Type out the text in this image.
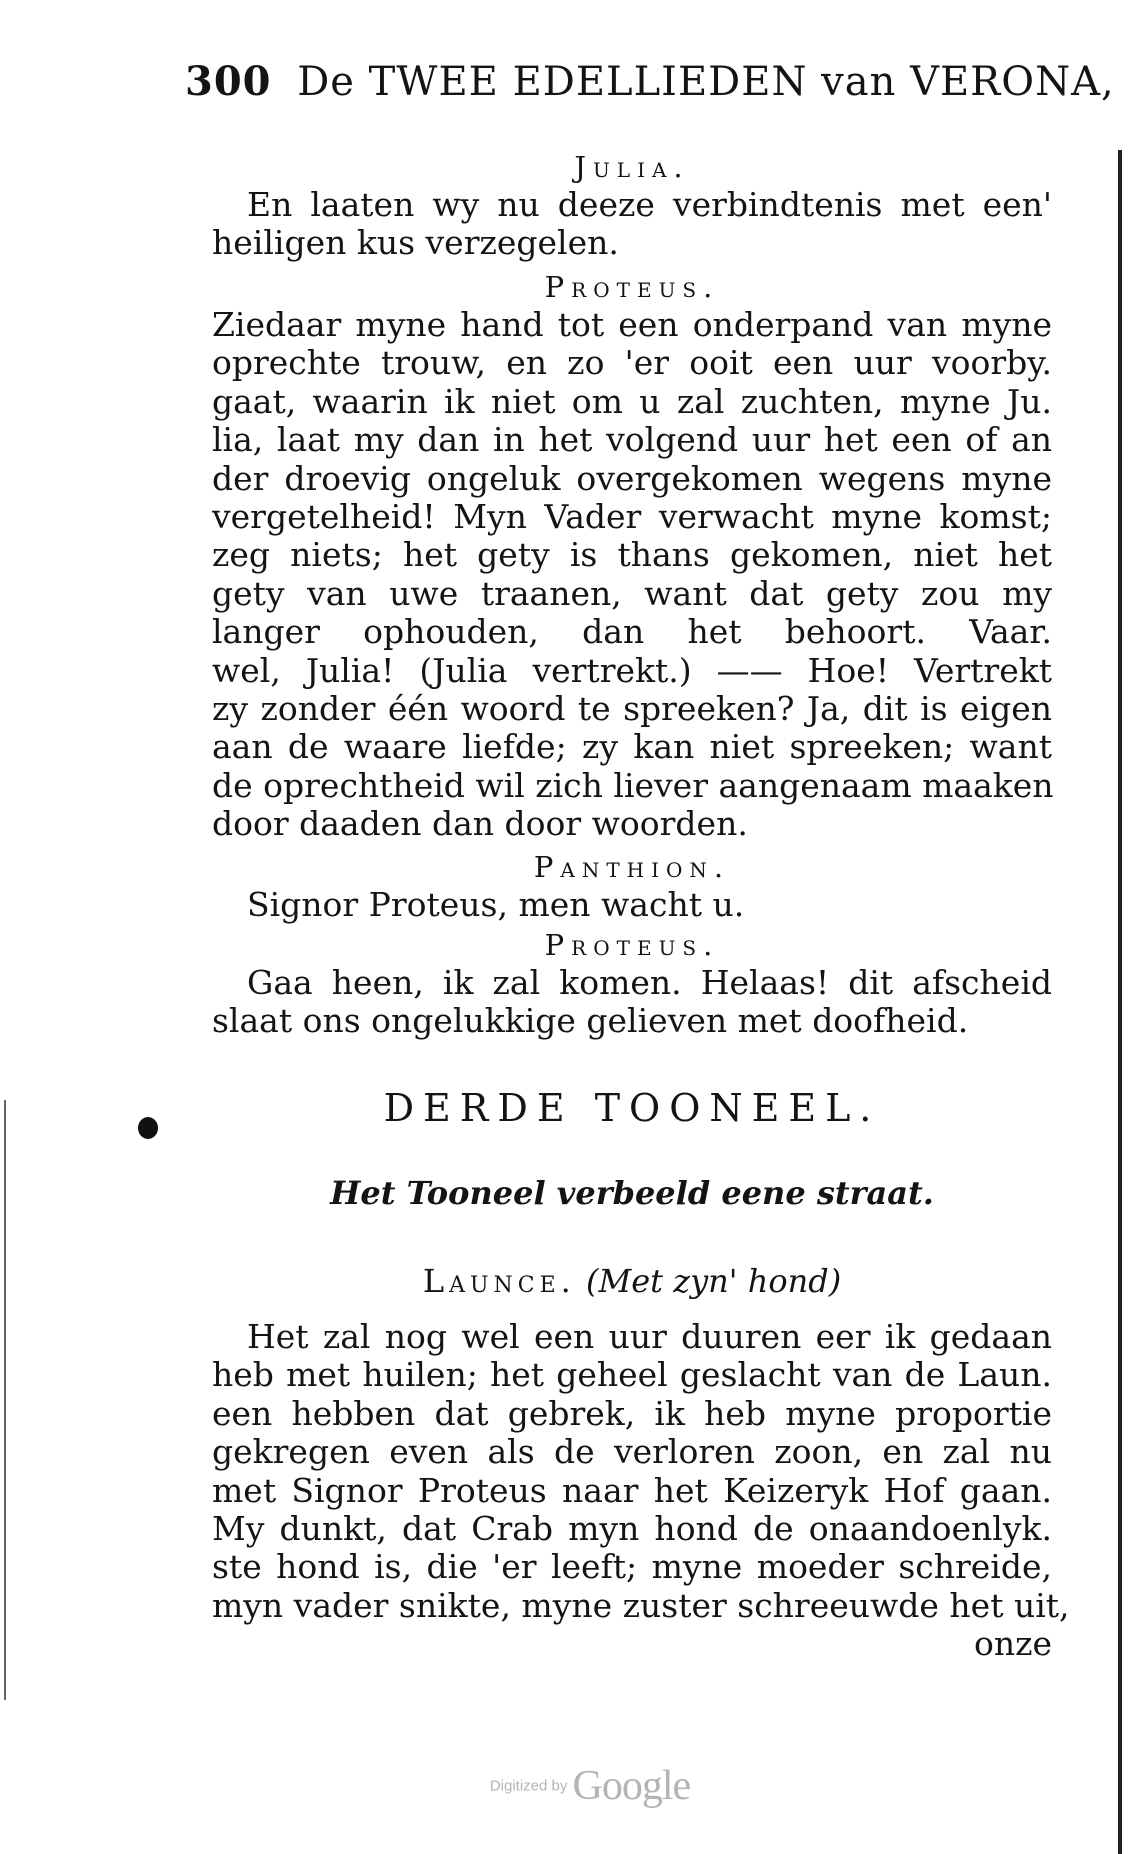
300 De TWEE EDELLIEDEN van VERONA,
Julia.
En laaten wy nu deeze verbindtenis met een'
heiligen kus verzegelen.
Proteus.
Ziedaar myne hand tot een onderpand van myne
oprechte trouw, en zo 'er ooit een uur voorby.
gaat, waarin ik niet om u zal zuchten, myne Ju.
lia, laat my dan in het volgend uur het een of an
der droevig ongeluk overgekomen wegens myne
vergetelheid! Myn Vader verwacht myne komst;
zeg niets; het gety is thans gekomen, niet het
gety van uwe traanen, want dat gety zou my
langer ophouden, dan het behoort. Vaar.
wel, Julia! (Julia vertrekt.) —— Hoe! Vertrekt
zy zonder één woord te spreeken? Ja, dit is eigen
aan de waare liefde; zy kan niet spreeken; want
de oprechtheid wil zich liever aangenaam maaken
door daaden dan door woorden.
Panthion.
Signor Proteus, men wacht u.
Proteus.
Gaa heen, ik zal komen. Helaas! dit afscheid
slaat ons ongelukkige gelieven met doofheid.
DERDE TOONEEL.
Het Tooneel verbeeld eene straat.
Launce. (Met zyn' hond)
Het zal nog wel een uur duuren eer ik gedaan
heb met huilen; het geheel geslacht van de Laun.
een hebben dat gebrek, ik heb myne proportie
gekregen even als de verloren zoon, en zal nu
met Signor Proteus naar het Keizeryk Hof gaan.
My dunkt, dat Crab myn hond de onaandoenlyk.
ste hond is, die 'er leeft; myne moeder schreide,
myn vader snikte, myne zuster schreeuwde het uit,
onze
Digitized by Google
